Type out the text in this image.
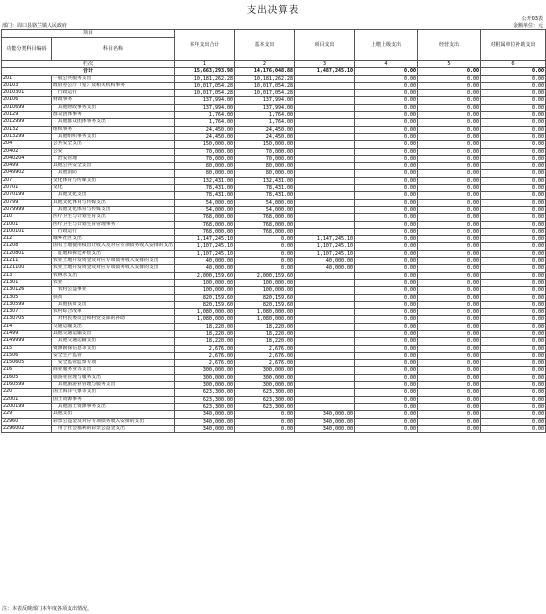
支出决算表
公开03表
部门：周口县骆兰镇人民政府	金额单位：元
项目		本年支出合计	基本支出	项目支出	上缴上级支出	经营支出	对附属单位补助支出
功能分类科目编码	科目名称						
栏次		1	2	3	4	5	6
合计		15,663,293.98	14,176,048.88	1,487,245.10	0.00	0.00	0.00
201	一般公共服务支出	10,181,262.28	10,181,262.28		0.00	0.00	0.00
20103	政府办公厅（室）及相关机构事务	10,017,054.28	10,017,054.28		0.00	0.00	0.00
2010301	　行政运行	10,017,054.28	10,017,054.28		0.00	0.00	0.00
20106	财政事务	137,994.00	137,994.00		0.00	0.00	0.00
2010699	　其他财政事务支出	137,994.00	137,994.00		0.00	0.00	0.00
20129	群众团体事务	1,764.00	1,764.00		0.00	0.00	0.00
2012999	　其他群众团体事务支出	1,764.00	1,764.00		0.00	0.00	0.00
20132	组织事务	24,450.00	24,450.00		0.00	0.00	0.00
2013299	　其他组织事务支出	24,450.00	24,450.00		0.00	0.00	0.00
204	公共安全支出	150,000.00	150,000.00		0.00	0.00	0.00
20402	公安	70,000.00	70,000.00		0.00	0.00	0.00
2040204	　治安管理	70,000.00	70,000.00		0.00	0.00	0.00
20499	其他公共安全支出	80,000.00	80,000.00		0.00	0.00	0.00
2049902	　其他消防	80,000.00	80,000.00		0.00	0.00	0.00
207	文化体育与传媒支出	132,431.00	132,431.00		0.00	0.00	0.00
20701	文化	78,431.00	78,431.00		0.00	0.00	0.00
2070199	　其他文化支出	78,431.00	78,431.00		0.00	0.00	0.00
20799	其他文化体育与传媒支出	54,000.00	54,000.00		0.00	0.00	0.00
2079999	　其他文化体育与传媒支出	54,000.00	54,000.00		0.00	0.00	0.00
210	医疗卫生与计划生育支出	768,000.00	768,000.00		0.00	0.00	0.00
21001	医疗卫生与计划生育管理事务	768,000.00	768,000.00		0.00	0.00	0.00
2100101	　行政运行	768,000.00	768,000.00		0.00	0.00	0.00
212	城乡社区支出	1,147,245.10	0.00	1,147,245.10	0.00	0.00	0.00
21208	国有土地使用权出让收入及对应专项债务收入安排的支出	1,107,245.10	0.00	1,107,245.10	0.00	0.00	0.00
2120801	　征地和拆迁补偿支出	1,107,245.10	0.00	1,107,245.10	0.00	0.00	0.00
21211	农业土地开发资金及对应专项债务收入安排的支出	40,000.00	0.00	40,000.00	0.00	0.00	0.00
2121100	农业土地开发资金及对应专项债务收入安排的支出	40,000.00	0.00	40,000.00	0.00	0.00	0.00
213	农林水支出	2,000,159.60	2,000,159.60		0.00	0.00	0.00
21301	农业	100,000.00	100,000.00		0.00	0.00	0.00
2130126	　农村公益事业	100,000.00	100,000.00		0.00	0.00	0.00
21305	扶贫	820,159.60	820,159.60		0.00	0.00	0.00
2130599	　其他扶贫支出	820,159.60	820,159.60		0.00	0.00	0.00
21307	农村综合改革	1,080,000.00	1,080,000.00		0.00	0.00	0.00
2130705	　对村民委员会和村党支部的补助	1,080,000.00	1,080,000.00		0.00	0.00	0.00
214	交通运输支出	18,220.00	18,220.00		0.00	0.00	0.00
21499	其他交通运输支出	18,220.00	18,220.00		0.00	0.00	0.00
2149999	　其他交通运输支出	18,220.00	18,220.00		0.00	0.00	0.00
215	资源勘探信息等支出	2,676.00	2,676.00		0.00	0.00	0.00
21506	安全生产监管	2,676.00	2,676.00		0.00	0.00	0.00
2150605	　安全监管监察专项	2,676.00	2,676.00		0.00	0.00	0.00
216	商业服务业等支出	300,000.00	300,000.00		0.00	0.00	0.00
21605	旅游业管理与服务支出	300,000.00	300,000.00		0.00	0.00	0.00
2160599	　其他旅游业管理与服务支出	300,000.00	300,000.00		0.00	0.00	0.00
220	国土海洋气象等支出	623,300.00	623,300.00		0.00	0.00	0.00
22001	国土资源事务	623,300.00	623,300.00		0.00	0.00	0.00
2200199	　其他国土资源事务支出	623,300.00	623,300.00		0.00	0.00	0.00
229	其他支出	340,000.00	0.00	340,000.00	0.00	0.00	0.00
22960	彩票公益金及对应专项债务收入安排的支出	340,000.00	0.00	340,000.00	0.00	0.00	0.00
2296002	　用于社会福利的彩票公益金支出	340,000.00	0.00	340,000.00	0.00	0.00	0.00
注：本表反映部门本年度各项支出情况。
